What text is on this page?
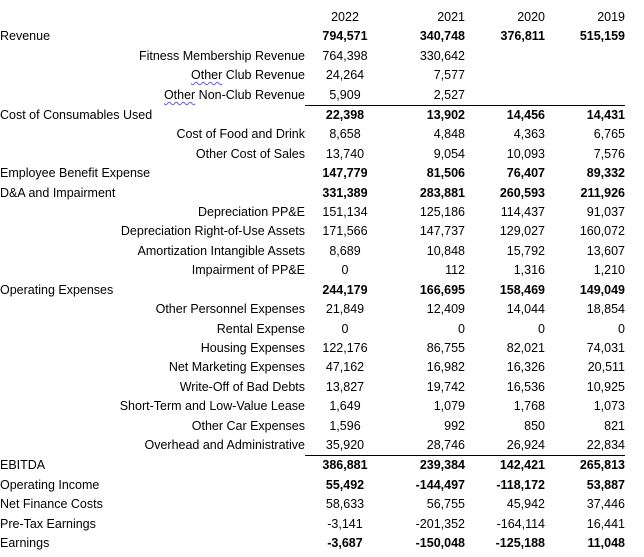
	2022	2021	2020	2019	
Revenue	794,571	340,748	376,811	515,159	
Fitness Membership Revenue	764,398	330,642			
Other Club Revenue	24,264	7,577			
Other Non-Club Revenue	5,909	2,527			
Cost of Consumables Used	22,398	13,902	14,456	14,431	
Cost of Food and Drink	8,658	4,848	4,363	6,765	
Other Cost of Sales	13,740	9,054	10,093	7,576	
Employee Benefit Expense	147,779	81,506	76,407	89,332	
D&A and Impairment	331,389	283,881	260,593	211,926	
Depreciation PP&E	151,134	125,186	114,437	91,037	
Depreciation Right-of-Use Assets	171,566	147,737	129,027	160,072	
Amortization Intangible Assets	8,689	10,848	15,792	13,607	
Impairment of PP&E	0	112	1,316	1,210	
Operating Expenses	244,179	166,695	158,469	149,049	
Other Personnel Expenses	21,849	12,409	14,044	18,854	
Rental Expense	0	0	0	0	
Housing Expenses	122,176	86,755	82,021	74,031	
Net Marketing Expenses	47,162	16,982	16,326	20,511	
Write-Off of Bad Debts	13,827	19,742	16,536	10,925	
Short-Term and Low-Value Lease	1,649	1,079	1,768	1,073	
Other Car Expenses	1,596	992	850	821	
Overhead and Administrative	35,920	28,746	26,924	22,834	
EBITDA	386,881	239,384	142,421	265,813	
Operating Income	55,492	-144,497	-118,172	53,887	
Net Finance Costs	58,633	56,755	45,942	37,446	
Pre-Tax Earnings	-3,141	-201,352	-164,114	16,441	
Earnings	-3,687	-150,048	-125,188	11,048	
